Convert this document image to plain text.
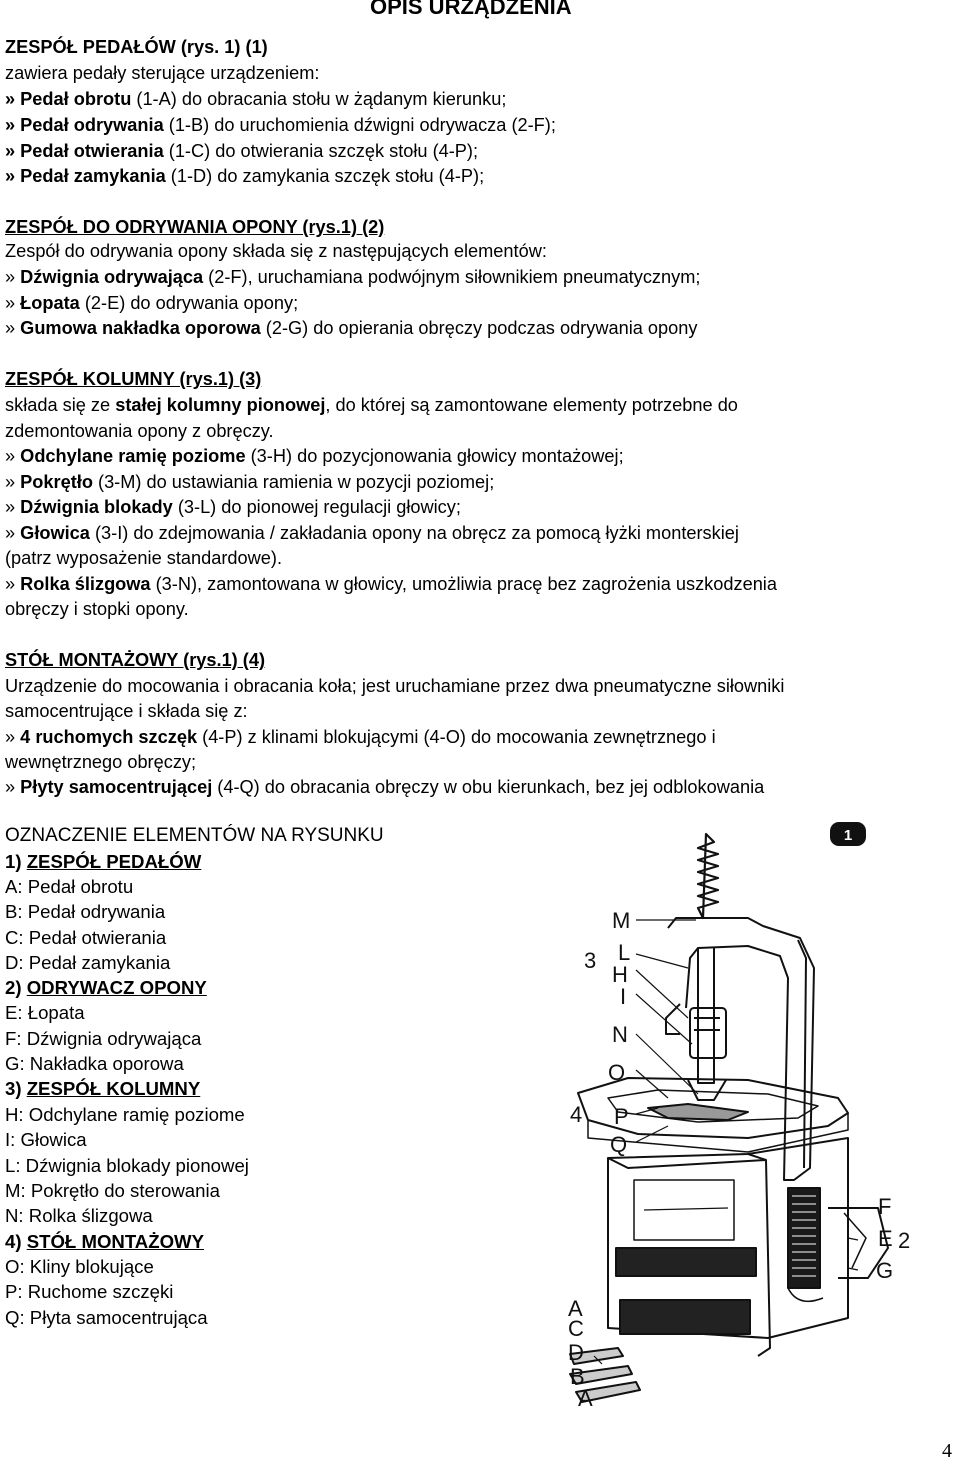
OPIS URZĄDZENIA
ZESPÓŁ PEDAŁÓW (rys. 1) (1)
zawiera pedały sterujące urządzeniem:
» Pedał obrotu (1-A) do obracania stołu w żądanym kierunku;
» Pedał odrywania (1-B) do uruchomienia dźwigni odrywacza (2-F);
» Pedał otwierania (1-C) do otwierania szczęk stołu (4-P);
» Pedał zamykania (1-D) do zamykania szczęk stołu (4-P);
ZESPÓŁ DO ODRYWANIA OPONY (rys.1) (2)
Zespół do odrywania opony składa się z następujących elementów:
» Dźwignia odrywająca (2-F), uruchamiana podwójnym siłownikiem pneumatycznym;
» Łopata (2-E) do odrywania opony;
» Gumowa nakładka oporowa (2-G) do opierania obręczy podczas odrywania opony
ZESPÓŁ KOLUMNY (rys.1) (3)
składa się ze stałej kolumny pionowej, do której są zamontowane elementy potrzebne do
zdemontowania opony z obręczy.
» Odchylane ramię poziome (3-H) do pozycjonowania głowicy montażowej;
» Pokrętło (3-M) do ustawiania ramienia w pozycji poziomej;
» Dźwignia blokady (3-L) do pionowej regulacji głowicy;
» Głowica (3-I) do zdejmowania / zakładania opony na obręcz za pomocą łyżki monterskiej
(patrz wyposażenie standardowe).
» Rolka ślizgowa (3-N), zamontowana w głowicy, umożliwia pracę bez zagrożenia uszkodzenia
obręczy i stopki opony.
STÓŁ MONTAŻOWY (rys.1) (4)
Urządzenie do mocowania i obracania koła; jest uruchamiane przez dwa pneumatyczne siłowniki
samocentrujące i składa się z:
» 4 ruchomych szczęk (4-P) z klinami blokującymi (4-O) do mocowania zewnętrznego i
wewnętrznego obręczy;
» Płyty samocentrującej (4-Q) do obracania obręczy w obu kierunkach, bez jej odblokowania
OZNACZENIE ELEMENTÓW NA RYSUNKU
1) ZESPÓŁ PEDAŁÓW
A: Pedał obrotu
B: Pedał odrywania
C: Pedał otwierania
D: Pedał zamykania
2) ODRYWACZ OPONY
E: Łopata
F: Dźwignia odrywająca
G: Nakładka oporowa
3) ZESPÓŁ KOLUMNY
H: Odchylane ramię poziome
I: Głowica
L: Dźwignia blokady pionowej
M: Pokrętło do sterowania
N: Rolka ślizgowa
4) STÓŁ MONTAŻOWY
O: Kliny blokujące
P: Ruchome szczęki
Q: Płyta samocentrująca
1
M
L
H
I
N
O
P
Q
3
4
F
E 2
G
A
C
D
B
A
4
